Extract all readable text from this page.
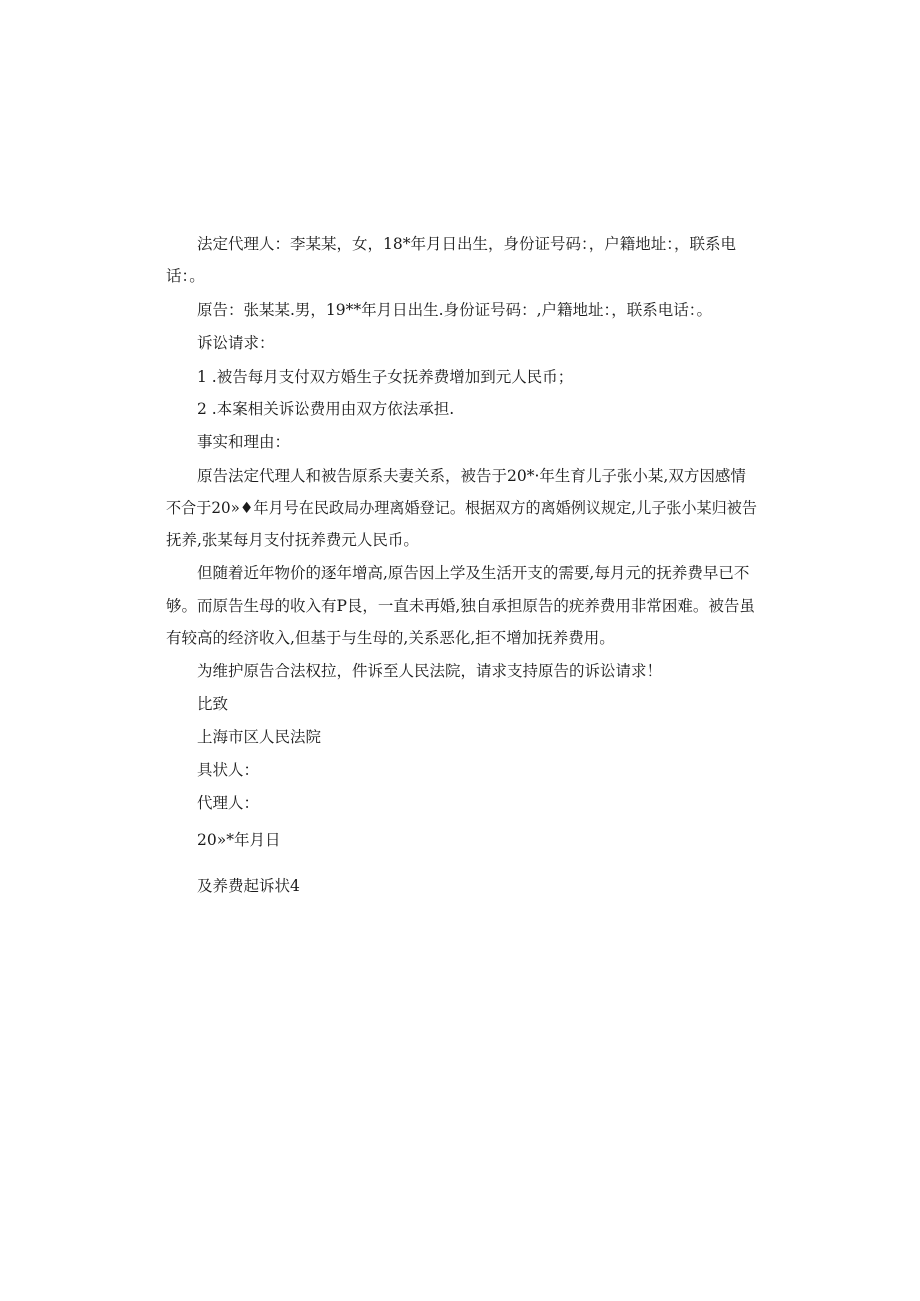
法定代理人：李某某，女，18*年月日出生，身份证号码：，户籍地址：，联系电

话：。

原告：张某某.男，19**年月日出生.身份证号码：,户籍地址：，联系电话：。

诉讼请求：

1 .被告每月支付双方婚生子女抚养费增加到元人民币；

2 .本案相关诉讼费用由双方依法承担.

事实和理由：

原告法定代理人和被告原系夫妻关系，被告于20*·年生育儿子张小某,双方因感情

不合于20»♦年月号在民政局办理离婚登记。根据双方的离婚例议规定,儿子张小某归被告

抚养,张某每月支付抚养费元人民币。

但随着近年物价的逐年增高,原告因上学及生活开支的需要,每月元的抚养费早已不

够。而原告生母的收入有P艮，一直未再婚,独自承担原告的疣养费用非常困难。被告虽

有较高的经济收入,但基于与生母的,关系恶化,拒不增加抚养费用。

为维护原告合法权拉，件诉至人民法院，请求支持原告的诉讼请求！

比致

上海市区人民法院

具状人：

代理人：

20»*年月日

及养费起诉状4
